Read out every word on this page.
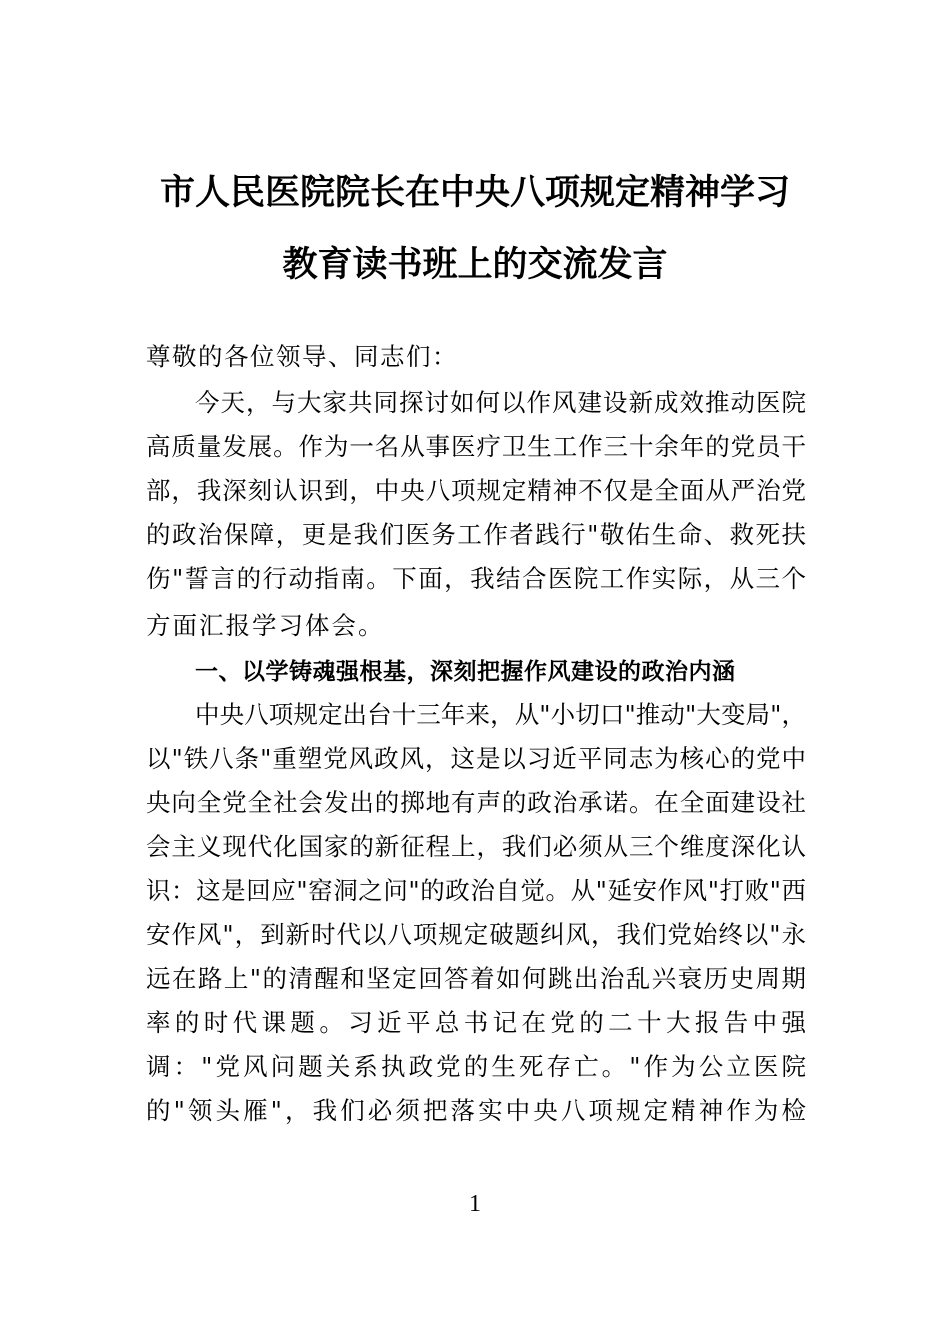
市人民医院院长在中央八项规定精神学习
教育读书班上的交流发言
尊敬的各位领导、同志们：
今天，与大家共同探讨如何以作风建设新成效推动医院
高质量发展。作为一名从事医疗卫生工作三十余年的党员干
部，我深刻认识到，中央八项规定精神不仅是全面从严治党
的政治保障，更是我们医务工作者践行"敬佑生命、救死扶
伤"誓言的行动指南。下面，我结合医院工作实际，从三个
方面汇报学习体会。
一、以学铸魂强根基，深刻把握作风建设的政治内涵
中央八项规定出台十三年来，从"小切口"推动"大变局"，
以"铁八条"重塑党风政风，这是以习近平同志为核心的党中
央向全党全社会发出的掷地有声的政治承诺。在全面建设社
会主义现代化国家的新征程上，我们必须从三个维度深化认
识：这是回应"窑洞之问"的政治自觉。从"延安作风"打败"西
安作风"，到新时代以八项规定破题纠风，我们党始终以"永
远在路上"的清醒和坚定回答着如何跳出治乱兴衰历史周期
率的时代课题。习近平总书记在党的二十大报告中强
调："党风问题关系执政党的生死存亡。"作为公立医院
的"领头雁"，我们必须把落实中央八项规定精神作为检
1
